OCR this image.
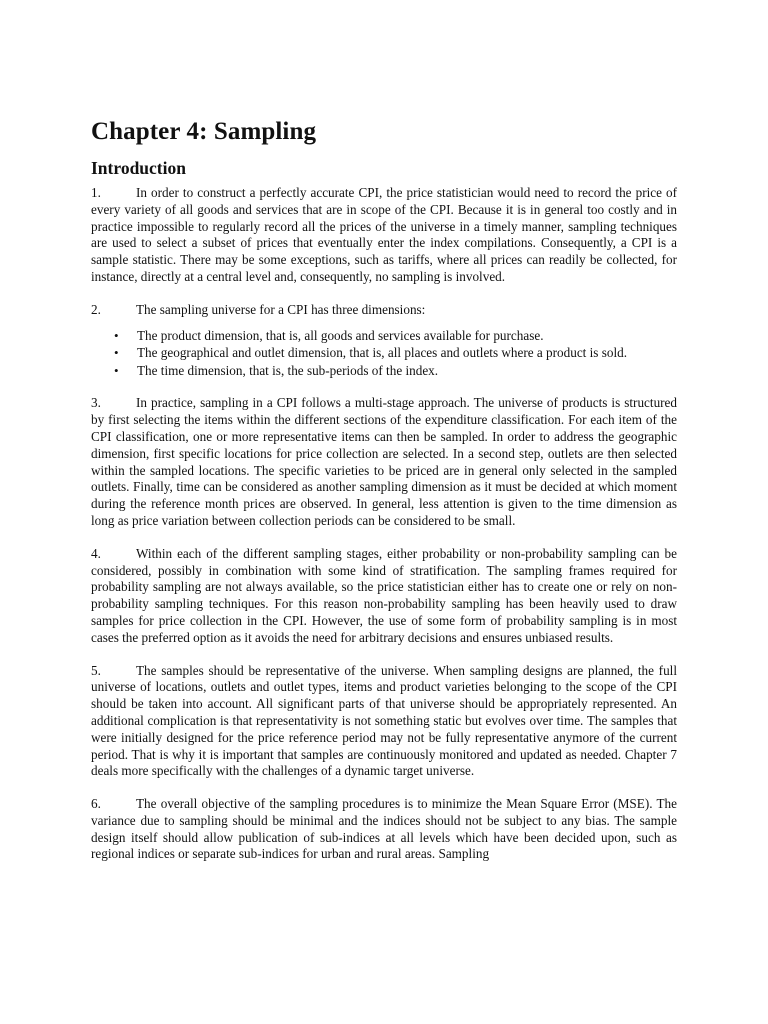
Chapter 4: Sampling
Introduction

1.	In order to construct a perfectly accurate CPI, the price statistician would need to record the price of every variety of all goods and services that are in scope of the CPI. Because it is in general too costly and in practice impossible to regularly record all the prices of the universe in a timely manner, sampling techniques are used to select a subset of prices that eventually enter the index compilations. Consequently, a CPI is a sample statistic. There may be some exceptions, such as tariffs, where all prices can readily be collected, for instance, directly at a central level and, consequently, no sampling is involved.

2.	The sampling universe for a CPI has three dimensions:

• The product dimension, that is, all goods and services available for purchase.
• The geographical and outlet dimension, that is, all places and outlets where a product is sold.
• The time dimension, that is, the sub-periods of the index.

3.	In practice, sampling in a CPI follows a multi-stage approach. The universe of products is structured by first selecting the items within the different sections of the expenditure classification. For each item of the CPI classification, one or more representative items can then be sampled. In order to address the geographic dimension, first specific locations for price collection are selected. In a second step, outlets are then selected within the sampled locations. The specific varieties to be priced are in general only selected in the sampled outlets. Finally, time can be considered as another sampling dimension as it must be decided at which moment during the reference month prices are observed. In general, less attention is given to the time dimension as long as price variation between collection periods can be considered to be small.

4.	Within each of the different sampling stages, either probability or non-probability sampling can be considered, possibly in combination with some kind of stratification. The sampling frames required for probability sampling are not always available, so the price statistician either has to create one or rely on non-probability sampling techniques. For this reason non-probability sampling has been heavily used to draw samples for price collection in the CPI. However, the use of some form of probability sampling is in most cases the preferred option as it avoids the need for arbitrary decisions and ensures unbiased results.

5.	The samples should be representative of the universe. When sampling designs are planned, the full universe of locations, outlets and outlet types, items and product varieties belonging to the scope of the CPI should be taken into account. All significant parts of that universe should be appropriately represented. An additional complication is that representativity is not something static but evolves over time. The samples that were initially designed for the price reference period may not be fully representative anymore of the current period. That is why it is important that samples are continuously monitored and updated as needed. Chapter 7 deals more specifically with the challenges of a dynamic target universe.

6.	The overall objective of the sampling procedures is to minimize the Mean Square Error (MSE). The variance due to sampling should be minimal and the indices should not be subject to any bias. The sample design itself should allow publication of sub-indices at all levels which have been decided upon, such as regional indices or separate sub-indices for urban and rural areas. Sampling
